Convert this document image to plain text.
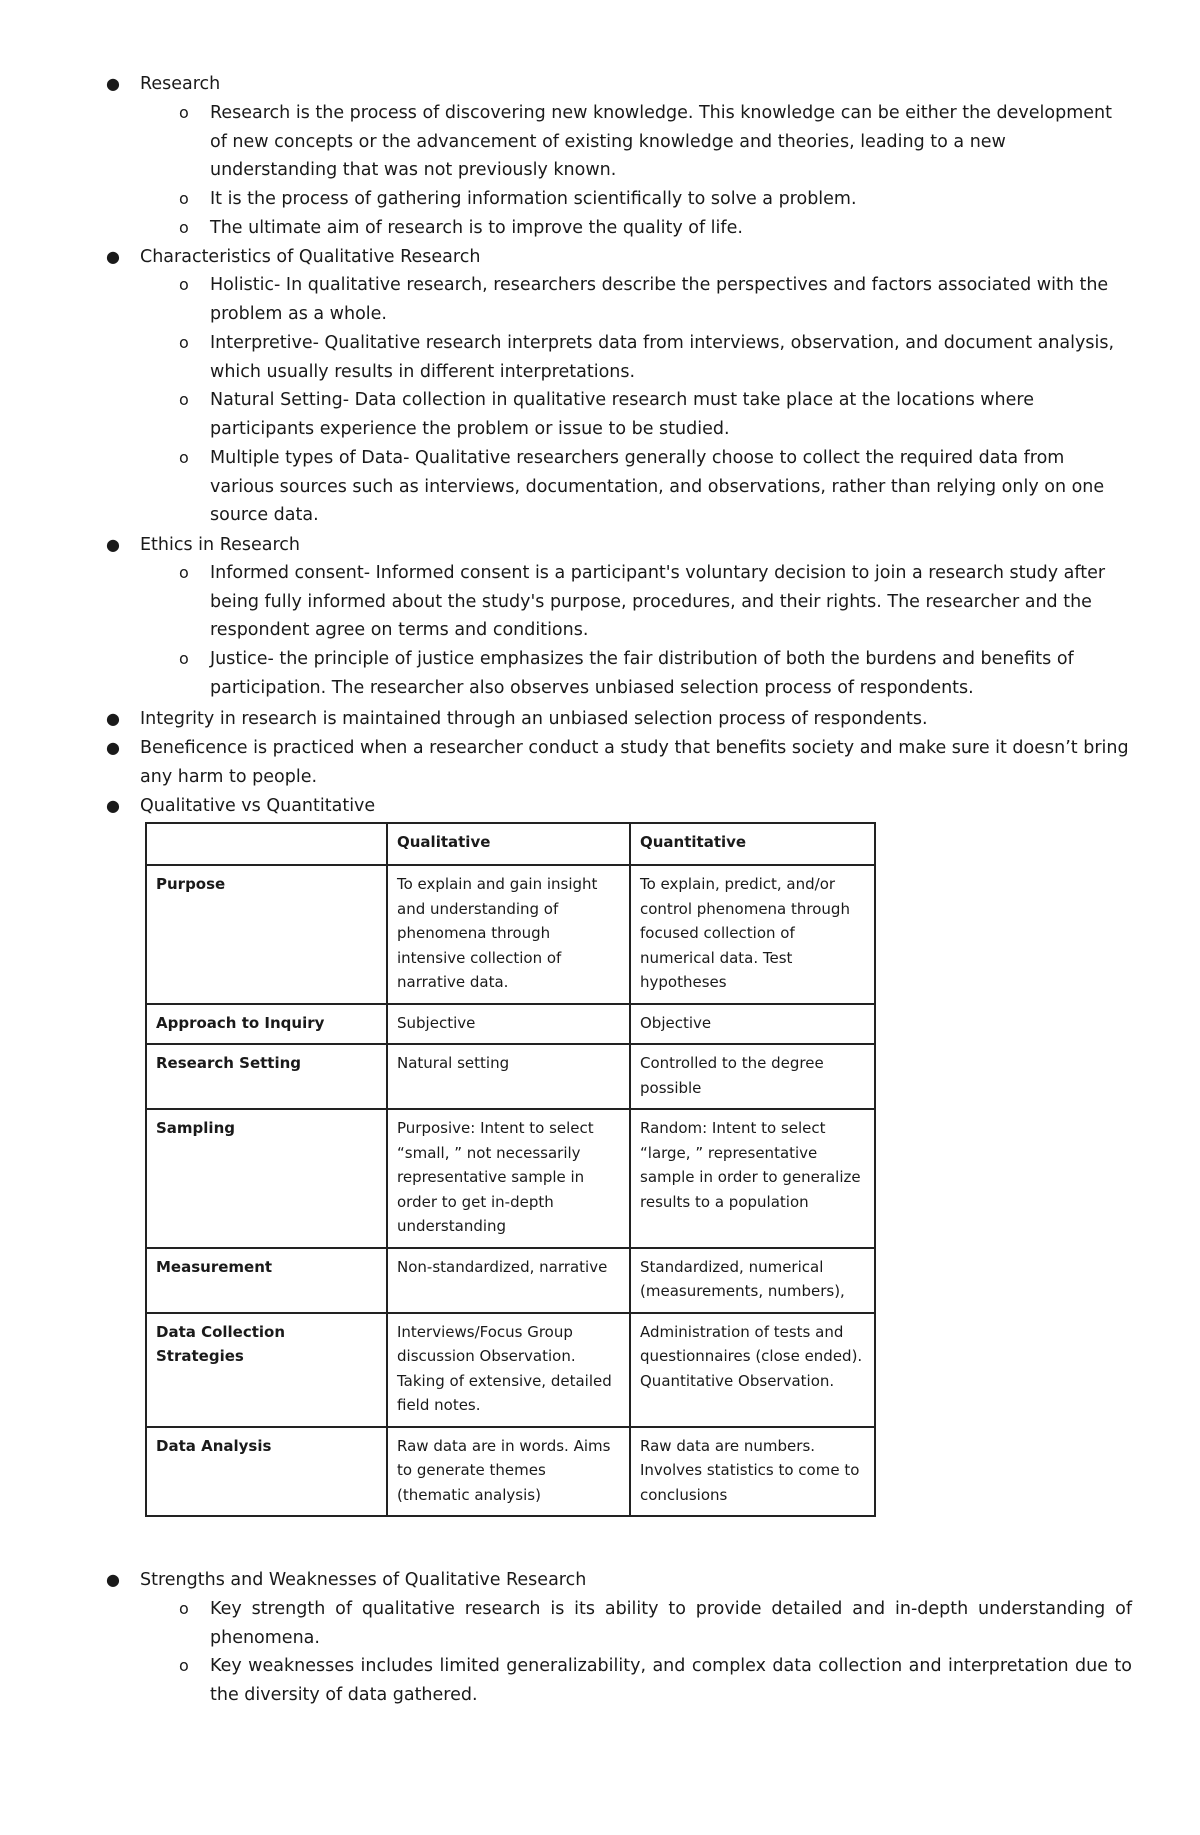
● Research
o Research is the process of discovering new knowledge. This knowledge can be either the development of new concepts or the advancement of existing knowledge and theories, leading to a new understanding that was not previously known.
o It is the process of gathering information scientifically to solve a problem.
o The ultimate aim of research is to improve the quality of life.
● Characteristics of Qualitative Research
o Holistic- In qualitative research, researchers describe the perspectives and factors associated with the problem as a whole.
o Interpretive- Qualitative research interprets data from interviews, observation, and document analysis, which usually results in different interpretations.
o Natural Setting- Data collection in qualitative research must take place at the locations where participants experience the problem or issue to be studied.
o Multiple types of Data- Qualitative researchers generally choose to collect the required data from various sources such as interviews, documentation, and observations, rather than relying only on one source data.
● Ethics in Research
o Informed consent- Informed consent is a participant's voluntary decision to join a research study after being fully informed about the study's purpose, procedures, and their rights. The researcher and the respondent agree on terms and conditions.
o Justice- the principle of justice emphasizes the fair distribution of both the burdens and benefits of participation. The researcher also observes unbiased selection process of respondents.
● Integrity in research is maintained through an unbiased selection process of respondents.
● Beneficence is practiced when a researcher conduct a study that benefits society and make sure it doesn’t bring any harm to people.
● Qualitative vs Quantitative
	Qualitative	Quantitative
Purpose	To explain and gain insight and understanding of phenomena through intensive collection of narrative data.	To explain, predict, and/or control phenomena through focused collection of numerical data. Test hypotheses
Approach to Inquiry	Subjective	Objective
Research Setting	Natural setting	Controlled to the degree possible
Sampling	Purposive: Intent to select “small, ” not necessarily representative sample in order to get in-depth understanding	Random: Intent to select “large, ” representative sample in order to generalize results to a population
Measurement	Non-standardized, narrative	Standardized, numerical (measurements, numbers),
Data Collection Strategies	Interviews/Focus Group discussion Observation. Taking of extensive, detailed field notes.	Administration of tests and questionnaires (close ended). Quantitative Observation.
Data Analysis	Raw data are in words. Aims to generate themes (thematic analysis)	Raw data are numbers. Involves statistics to come to conclusions
● Strengths and Weaknesses of Qualitative Research
o Key strength of qualitative research is its ability to provide detailed and in-depth understanding of phenomena.
o Key weaknesses includes limited generalizability, and complex data collection and interpretation due to the diversity of data gathered.
